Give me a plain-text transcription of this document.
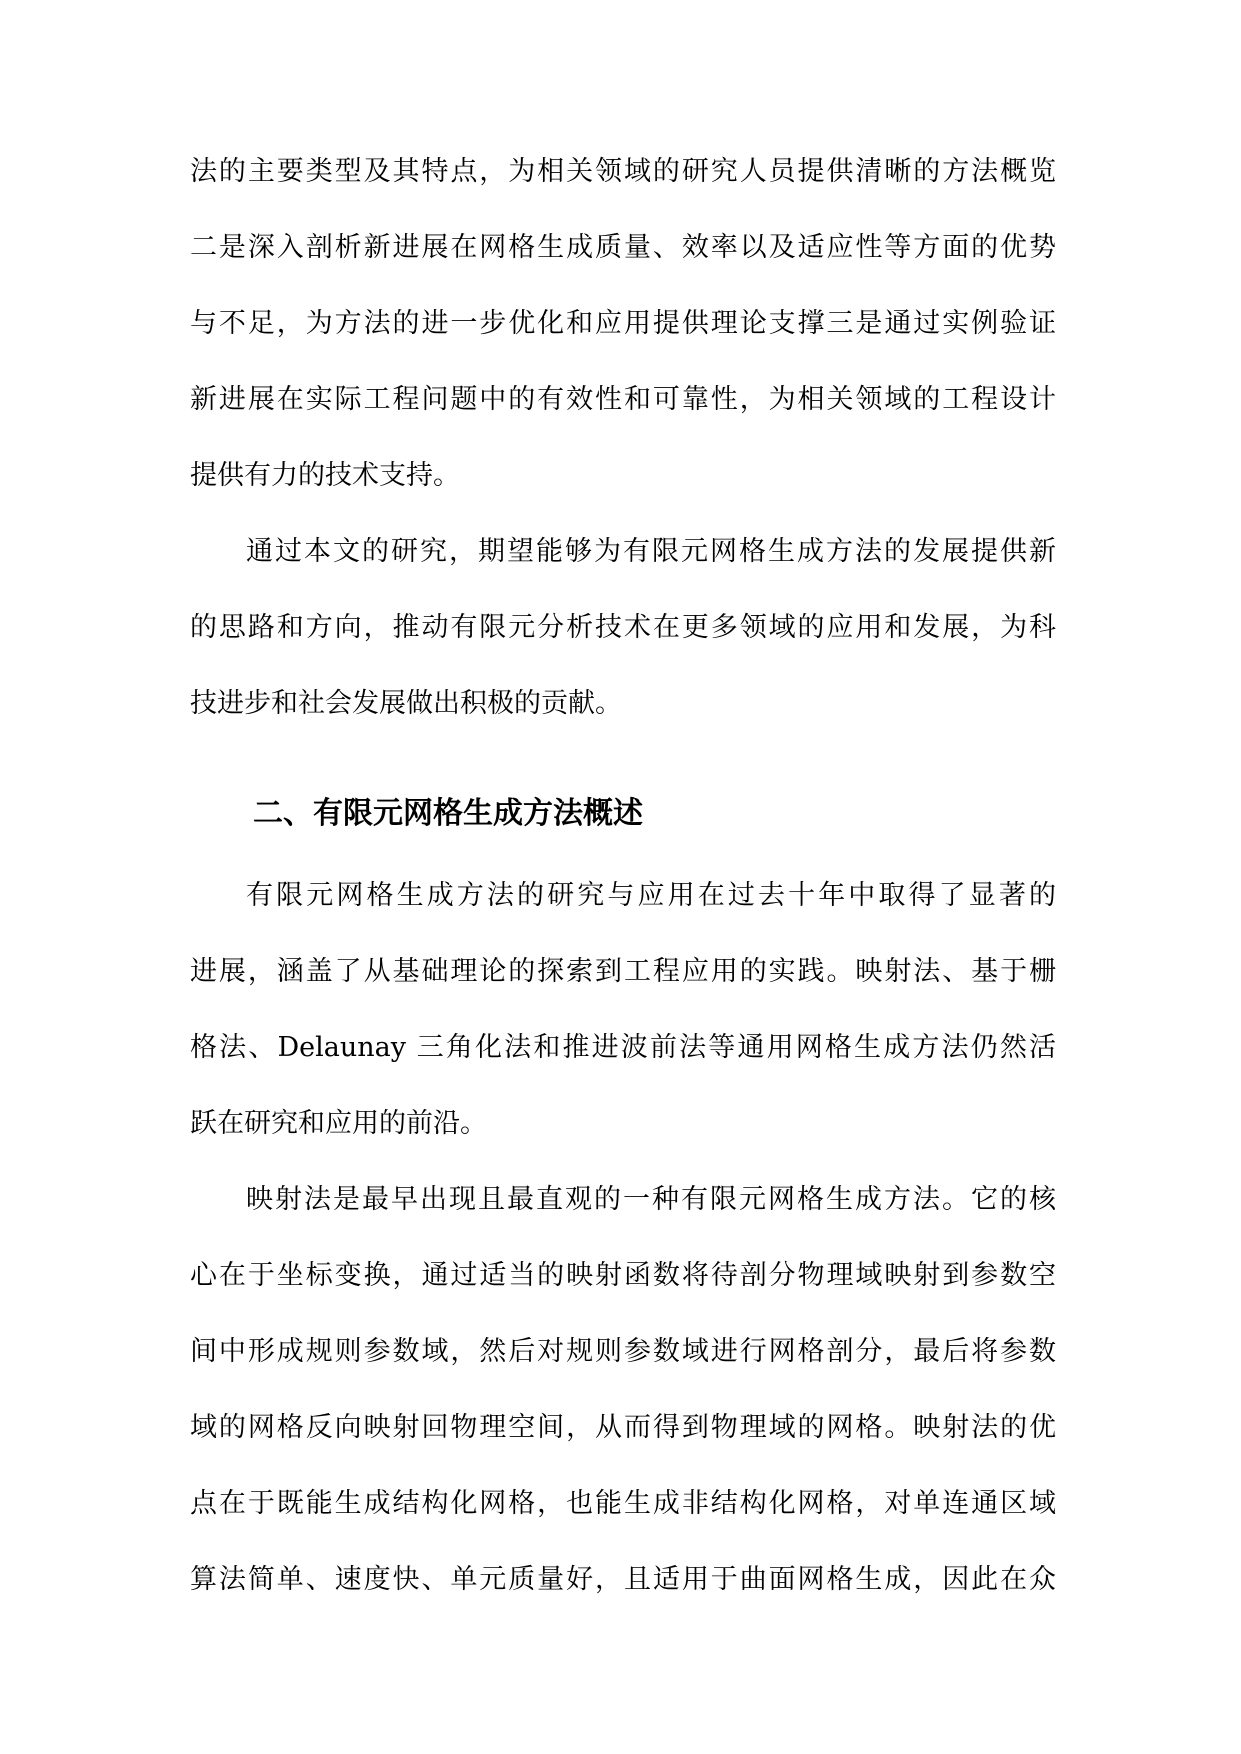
法的主要类型及其特点，为相关领域的研究人员提供清晰的方法概览
二是深入剖析新进展在网格生成质量、效率以及适应性等方面的优势
与不足，为方法的进一步优化和应用提供理论支撑三是通过实例验证
新进展在实际工程问题中的有效性和可靠性，为相关领域的工程设计
提供有力的技术支持。
通过本文的研究，期望能够为有限元网格生成方法的发展提供新
的思路和方向，推动有限元分析技术在更多领域的应用和发展，为科
技进步和社会发展做出积极的贡献。
二、有限元网格生成方法概述
有限元网格生成方法的研究与应用在过去十年中取得了显著的
进展，涵盖了从基础理论的探索到工程应用的实践。映射法、基于栅
格法、Delaunay 三角化法和推进波前法等通用网格生成方法仍然活
跃在研究和应用的前沿。
映射法是最早出现且最直观的一种有限元网格生成方法。它的核
心在于坐标变换，通过适当的映射函数将待剖分物理域映射到参数空
间中形成规则参数域，然后对规则参数域进行网格剖分，最后将参数
域的网格反向映射回物理空间，从而得到物理域的网格。映射法的优
点在于既能生成结构化网格，也能生成非结构化网格，对单连通区域
算法简单、速度快、单元质量好，且适用于曲面网格生成，因此在众
